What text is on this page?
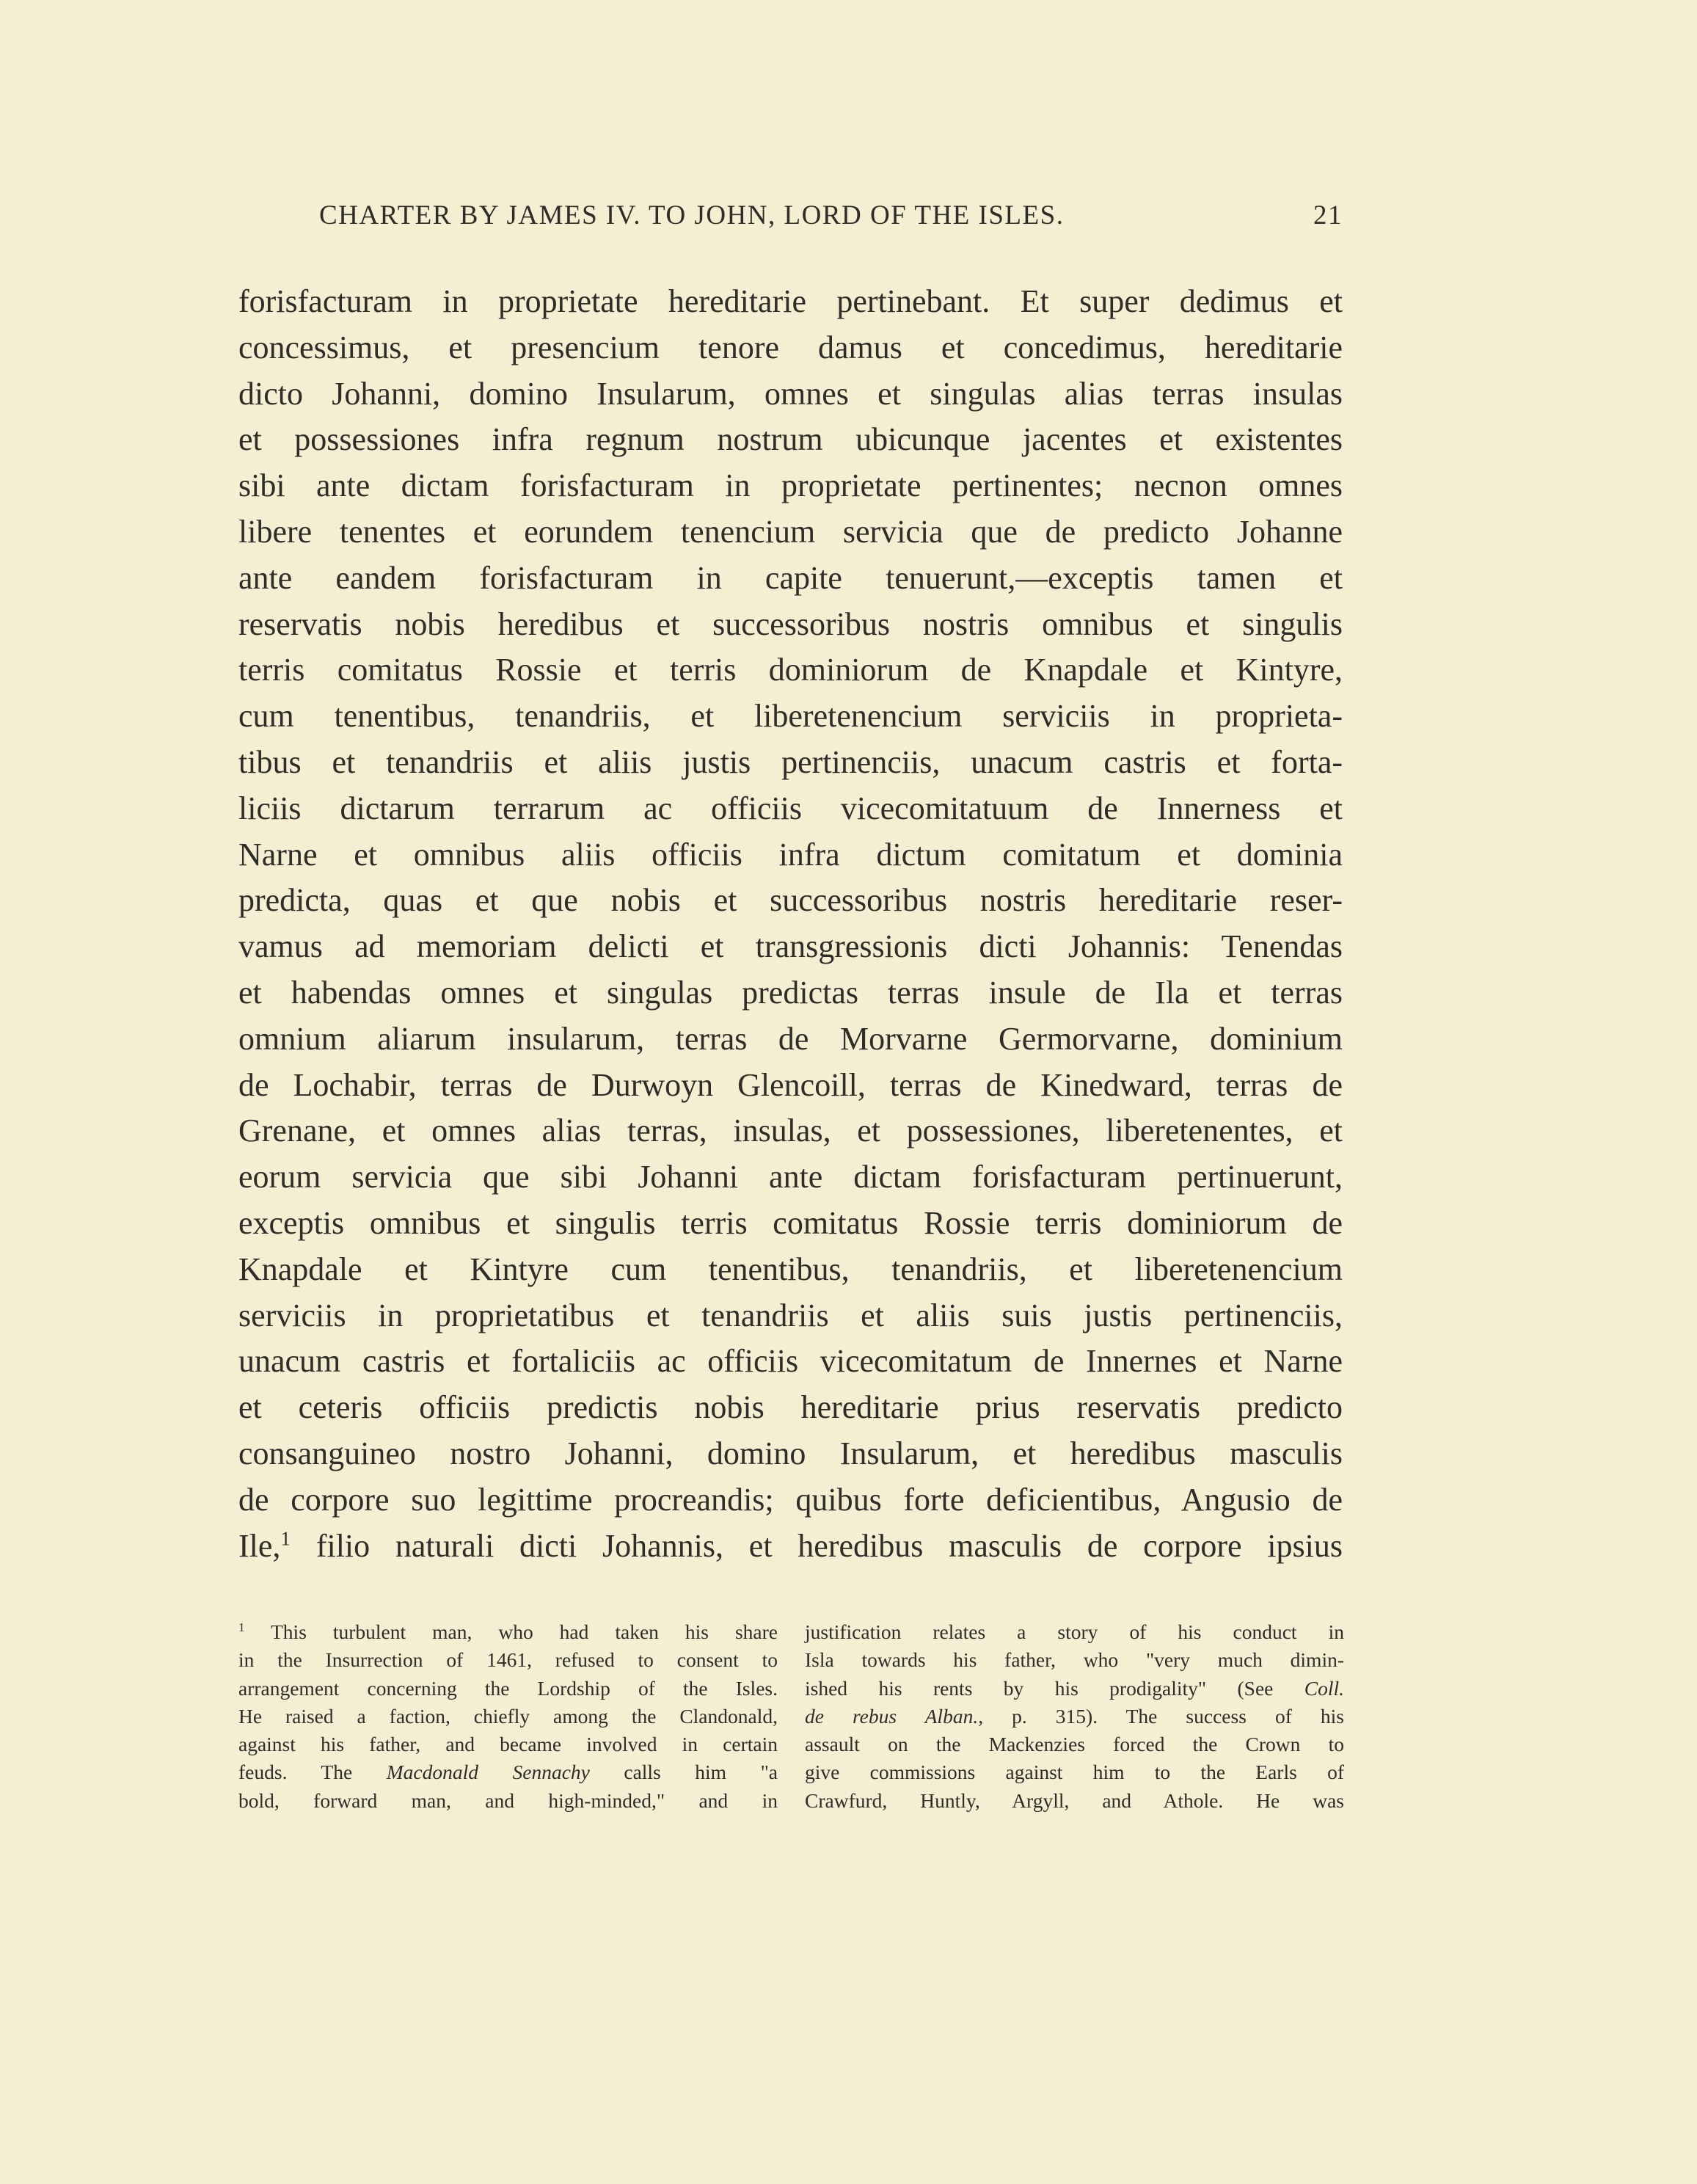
CHARTER BY JAMES IV. TO JOHN, LORD OF THE ISLES.	21
forisfacturam in proprietate hereditarie pertinebant. Et super dedimus et
concessimus, et presencium tenore damus et concedimus, hereditarie
dicto Johanni, domino Insularum, omnes et singulas alias terras insulas
et possessiones infra regnum nostrum ubicunque jacentes et existentes
sibi ante dictam forisfacturam in proprietate pertinentes; necnon omnes
libere tenentes et eorundem tenencium servicia que de predicto Johanne
ante eandem forisfacturam in capite tenuerunt,—exceptis tamen et
reservatis nobis heredibus et successoribus nostris omnibus et singulis
terris comitatus Rossie et terris dominiorum de Knapdale et Kintyre,
cum tenentibus, tenandriis, et liberetenencium serviciis in proprieta-
tibus et tenandriis et aliis justis pertinenciis, unacum castris et forta-
liciis dictarum terrarum ac officiis vicecomitatuum de Innerness et
Narne et omnibus aliis officiis infra dictum comitatum et dominia
predicta, quas et que nobis et successoribus nostris hereditarie reser-
vamus ad memoriam delicti et transgressionis dicti Johannis: Tenendas
et habendas omnes et singulas predictas terras insule de Ila et terras
omnium aliarum insularum, terras de Morvarne Germorvarne, dominium
de Lochabir, terras de Durwoyn Glencoill, terras de Kinedward, terras de
Grenane, et omnes alias terras, insulas, et possessiones, liberetenentes, et
eorum servicia que sibi Johanni ante dictam forisfacturam pertinuerunt,
exceptis omnibus et singulis terris comitatus Rossie terris dominiorum de
Knapdale et Kintyre cum tenentibus, tenandriis, et liberetenencium
serviciis in proprietatibus et tenandriis et aliis suis justis pertinenciis,
unacum castris et fortaliciis ac officiis vicecomitatum de Innernes et Narne
et ceteris officiis predictis nobis hereditarie prius reservatis predicto
consanguineo nostro Johanni, domino Insularum, et heredibus masculis
de corpore suo legittime procreandis; quibus forte deficientibus, Angusio de
Ile,$^1$ filio naturali dicti Johannis, et heredibus masculis de corpore ipsius
$^1$ This turbulent man, who had taken his share
in the Insurrection of 1461, refused to consent to
arrangement concerning the Lordship of the Isles.
He raised a faction, chiefly among the Clandonald,
against his father, and became involved in certain
feuds. The Macdonald Sennachy calls him "a
bold, forward man, and high-minded," and in
justification relates a story of his conduct in
Isla towards his father, who "very much dimin-
ished his rents by his prodigality" (See Coll.
de rebus Alban., p. 315). The success of his
assault on the Mackenzies forced the Crown to
give commissions against him to the Earls of
Crawfurd, Huntly, Argyll, and Athole. He was
